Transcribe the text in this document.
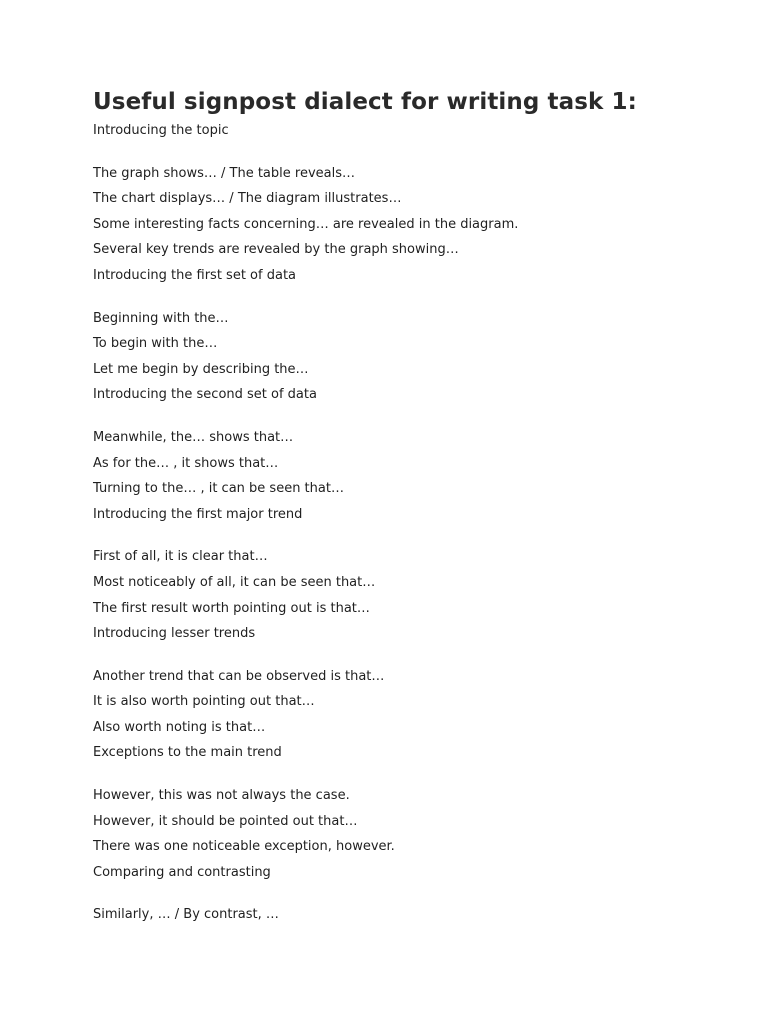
Useful signpost dialect for writing task 1:

Introducing the topic

The graph shows… / The table reveals…

The chart displays… / The diagram illustrates…

Some interesting facts concerning… are revealed in the diagram.

Several key trends are revealed by the graph showing…

Introducing the first set of data

Beginning with the…

To begin with the…

Let me begin by describing the…

Introducing the second set of data

Meanwhile, the… shows that…

As for the… , it shows that…

Turning to the… , it can be seen that…

Introducing the first major trend

First of all, it is clear that…

Most noticeably of all, it can be seen that…

The first result worth pointing out is that…

Introducing lesser trends

Another trend that can be observed is that…

It is also worth pointing out that…

Also worth noting is that…

Exceptions to the main trend

However, this was not always the case.

However, it should be pointed out that…

There was one noticeable exception, however.

Comparing and contrasting

Similarly, … / By contrast, …
